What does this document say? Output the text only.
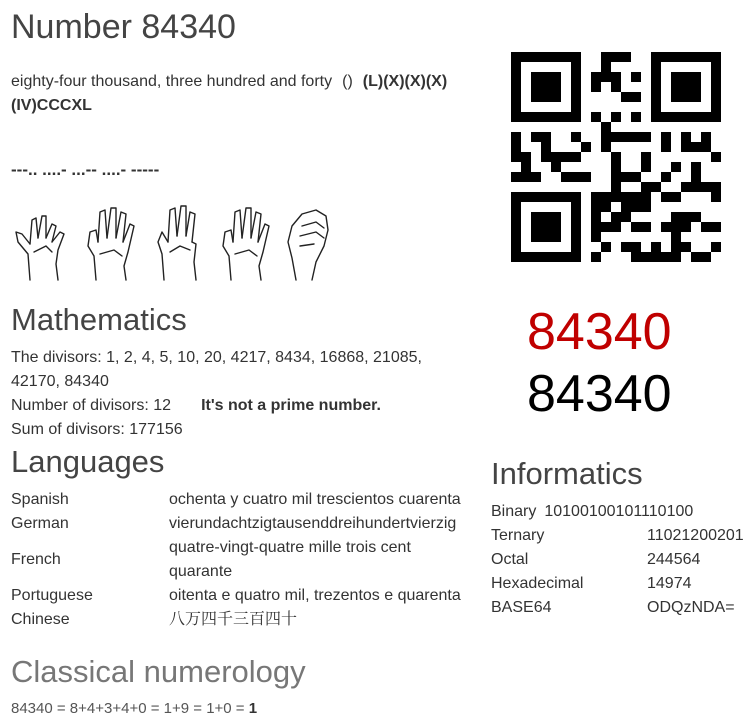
Number 84340
eighty-four thousand, three hundred and forty () (L)(X)(X)(X)(IV)CCCXL
---.. ....- ...-- ....- -----
Mathematics
The divisors: 1, 2, 4, 5, 10, 20, 4217, 8434, 16868, 21085, 42170, 84340
Number of divisors: 12 It's not a prime number.
Sum of divisors: 177156
Languages
Spanish	ochenta y cuatro mil trescientos cuarenta
German	vierundachtzigtausenddreihundertvierzig
French	quatre-vingt-quatre mille trois cent quarante
Portuguese	oitenta e quatro mil, trezentos e quarenta
Chinese	八万四千三百四十
Classical numerology
84340 = 8+4+3+4+0 = 1+9 = 1+0 = 1
84340
84340
Informatics
Binary 10100100101110100	
Ternary	11021200201
Octal	244564
Hexadecimal	14974
BASE64	ODQzNDA=
